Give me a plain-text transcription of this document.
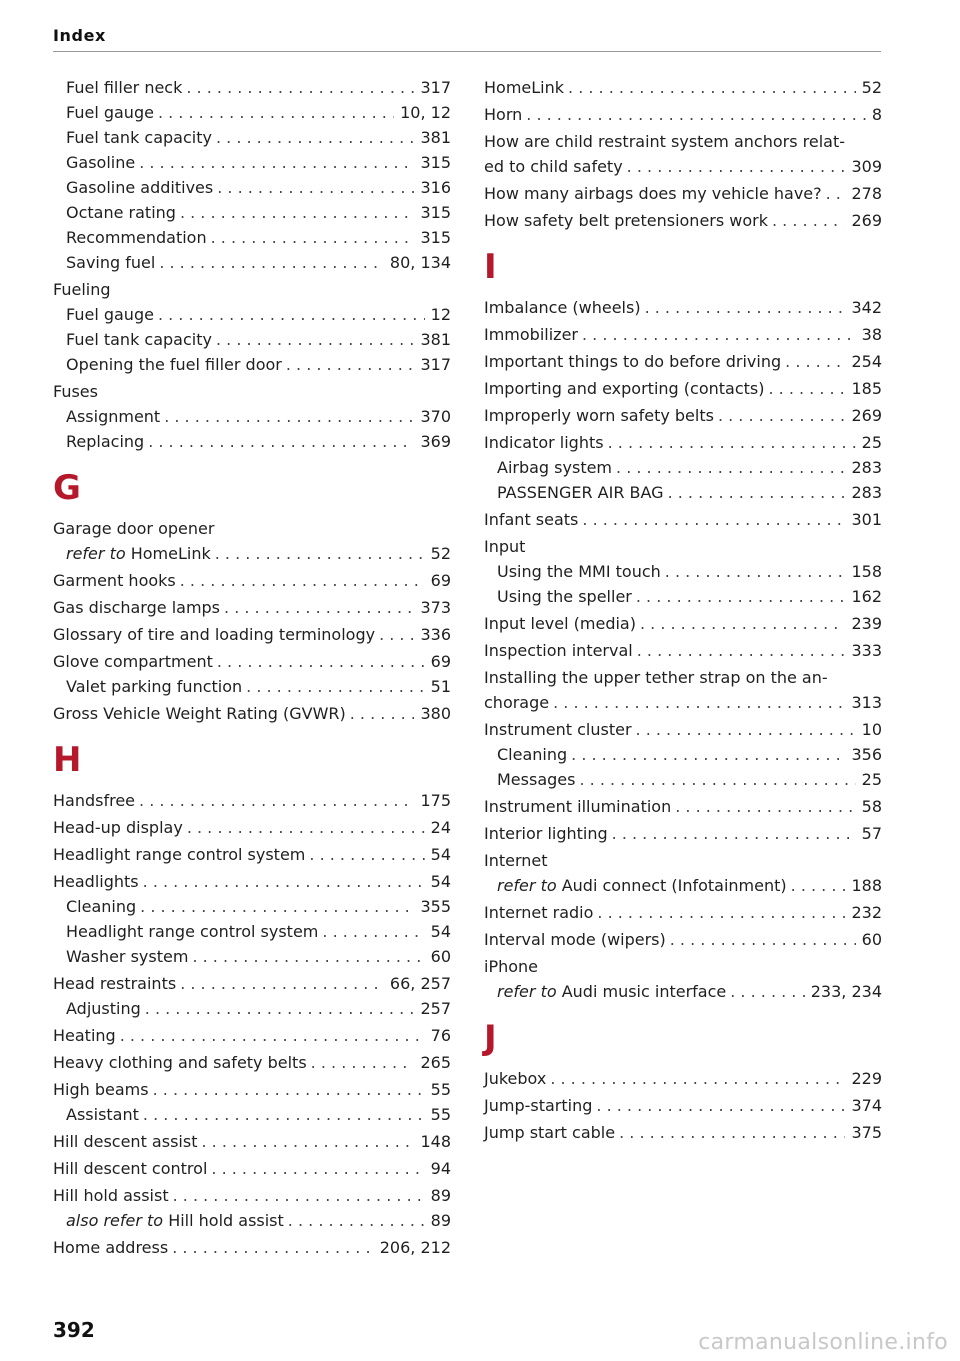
Index
Fuel filler neck . . .	317
Fuel gauge . . .	10, 12
Fuel tank capacity . . .	381
Gasoline . . .	315
Gasoline additives . . .	316
Octane rating . . .	315
Recommendation . . .	315
Saving fuel . . .	80, 134
Fueling
Fuel gauge . . .	12
Fuel tank capacity . . .	381
Opening the fuel filler door . . .	317
Fuses
Assignment . . .	370
Replacing . . .	369
G
Garage door opener
refer to HomeLink . . .	52
Garment hooks . . .	69
Gas discharge lamps . . .	373
Glossary of tire and loading terminology . . .	336
Glove compartment . . .	69
Valet parking function . . .	51
Gross Vehicle Weight Rating (GVWR) . . .	380
H
Handsfree . . .	175
Head-up display . . .	24
Headlight range control system . . .	54
Headlights . . .	54
Cleaning . . .	355
Headlight range control system . . .	54
Washer system . . .	60
Head restraints . . .	66, 257
Adjusting . . .	257
Heating . . .	76
Heavy clothing and safety belts . . .	265
High beams . . .	55
Assistant . . .	55
Hill descent assist . . .	148
Hill descent control . . .	94
Hill hold assist . . .	89
also refer to Hill hold assist . . .	89
Home address . . .	206, 212
HomeLink . . .	52
Horn . . .	8
How are child restraint system anchors relat-
ed to child safety . . .	309
How many airbags does my vehicle have? . . .	278
How safety belt pretensioners work . . .	269
I
Imbalance (wheels) . . .	342
Immobilizer . . .	38
Important things to do before driving . . .	254
Importing and exporting (contacts) . . .	185
Improperly worn safety belts . . .	269
Indicator lights . . .	25
Airbag system . . .	283
PASSENGER AIR BAG . . .	283
Infant seats . . .	301
Input
Using the MMI touch . . .	158
Using the speller . . .	162
Input level (media) . . .	239
Inspection interval . . .	333
Installing the upper tether strap on the an-
chorage . . .	313
Instrument cluster . . .	10
Cleaning . . .	356
Messages . . .	25
Instrument illumination . . .	58
Interior lighting . . .	57
Internet
refer to Audi connect (Infotainment) . . .	188
Internet radio . . .	232
Interval mode (wipers) . . .	60
iPhone
refer to Audi music interface . . .	233, 234
J
Jukebox . . .	229
Jump-starting . . .	374
Jump start cable . . .	375
392	carmanualsonline.info
